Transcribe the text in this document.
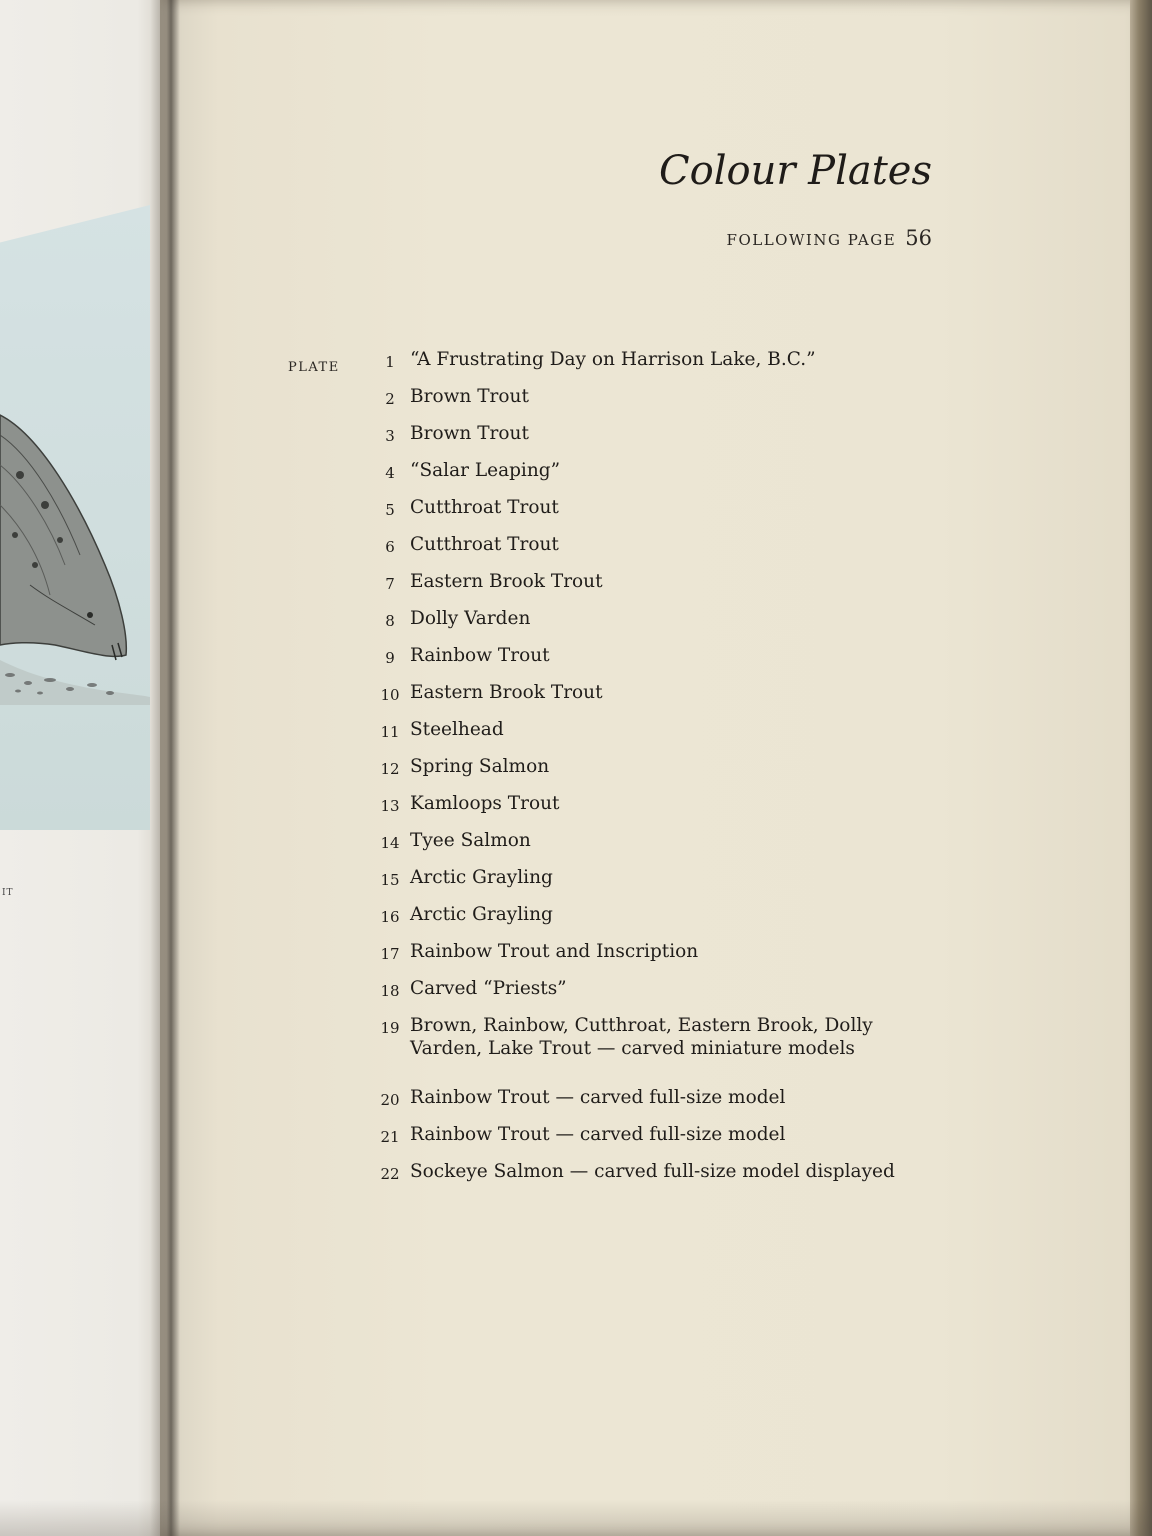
IT
Colour Plates
FOLLOWING PAGE 56
PLATE	1 “A Frustrating Day on Harrison Lake, B.C.”
2 Brown Trout
3 Brown Trout
4 “Salar Leaping”
5 Cutthroat Trout
6 Cutthroat Trout
7 Eastern Brook Trout
8 Dolly Varden
9 Rainbow Trout
10 Eastern Brook Trout
11 Steelhead
12 Spring Salmon
13 Kamloops Trout
14 Tyee Salmon
15 Arctic Grayling
16 Arctic Grayling
17 Rainbow Trout and Inscription
18 Carved “Priests”
19 Brown, Rainbow, Cutthroat, Eastern Brook, Dolly Varden, Lake Trout — carved miniature models
20 Rainbow Trout — carved full-size model
21 Rainbow Trout — carved full-size model
22 Sockeye Salmon — carved full-size model displayed
